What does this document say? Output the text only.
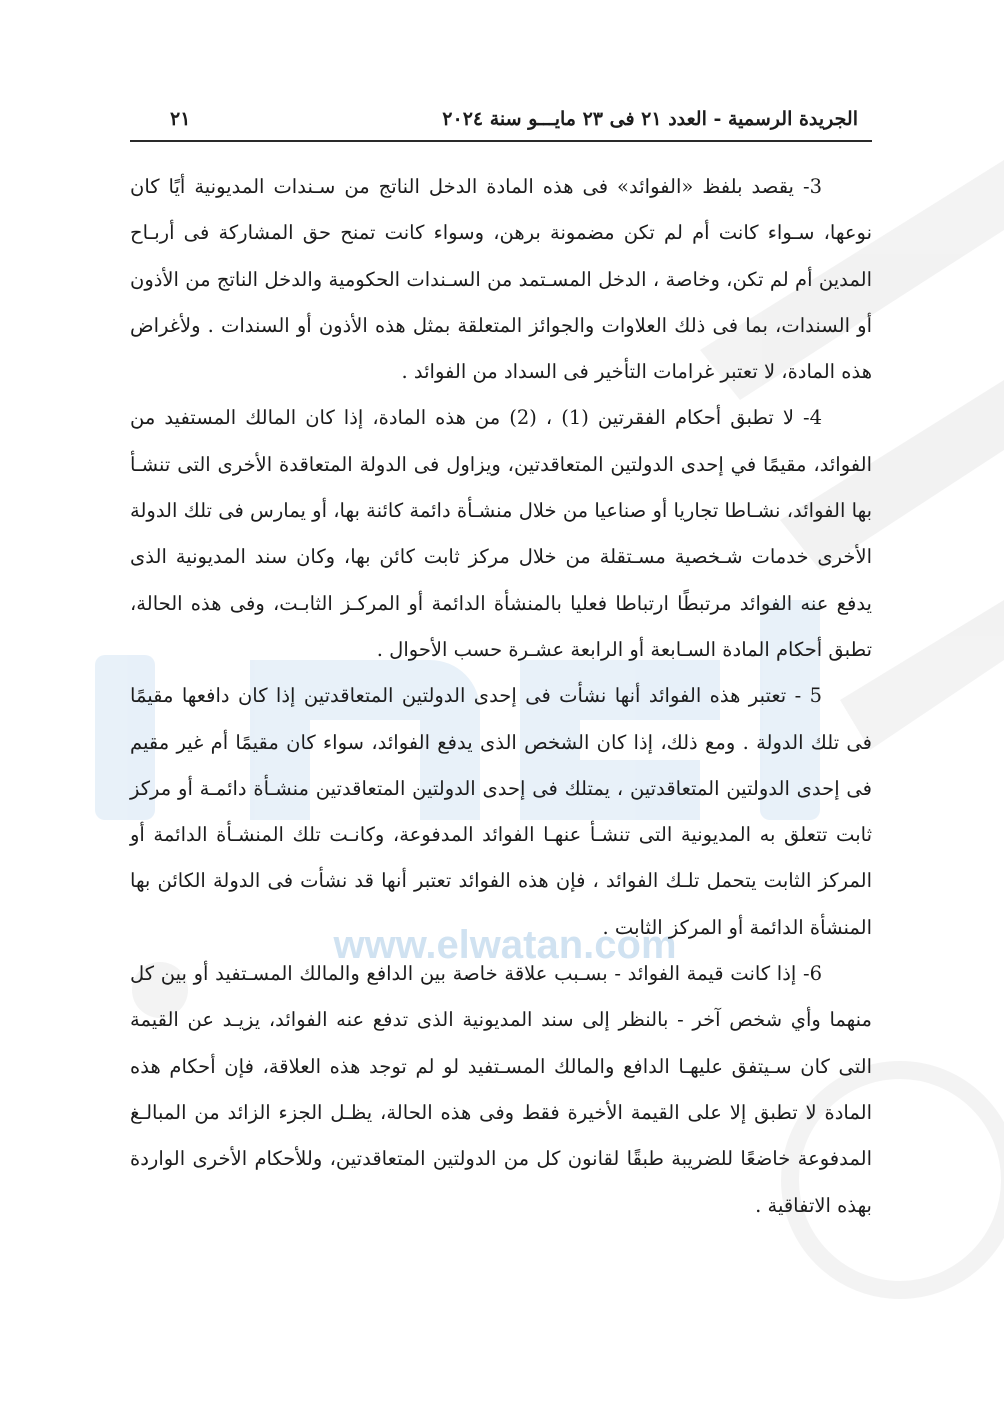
www.elwatan.com
الجريدة الرسمية - العدد ٢١ فى ٢٣ مايـــو سنة ٢٠٢٤
٢١

3- يقصد بلفظ «الفوائد» فى هذه المادة الدخل الناتج من سـندات المديونية أيًا كان نوعها، سـواء كانت أم لم تكن مضمونة برهن، وسواء كانت تمنح حق المشاركة فى أربـاح المدين أم لم تكن، وخاصة ، الدخل المسـتمد من السـندات الحكومية والدخل الناتج من الأذون أو السندات، بما فى ذلك العلاوات والجوائز المتعلقة بمثل هذه الأذون أو السندات . ولأغراض هذه المادة، لا تعتبر غرامات التأخير فى السداد من الفوائد .

4- لا تطبق أحكام الفقرتين (1) ، (2) من هذه المادة، إذا كان المالك المستفيد من الفوائد، مقيمًا في إحدى الدولتين المتعاقدتين، ويزاول فى الدولة المتعاقدة الأخرى التى تنشـأ بها الفوائد، نشـاطا تجاريا أو صناعيا من خلال منشـأة دائمة كائنة بها، أو يمارس فى تلك الدولة الأخرى خدمات شـخصية مسـتقلة من خلال مركز ثابت كائن بها، وكان سند المديونية الذى يدفع عنه الفوائد مرتبطًا ارتباطا فعليا بالمنشأة الدائمة أو المركـز الثابـت، وفى هذه الحالة، تطبق أحكام المادة السـابعة أو الرابعة عشـرة حسب الأحوال .

5 - تعتبر هذه الفوائد أنها نشأت فى إحدى الدولتين المتعاقدتين إذا كان دافعها مقيمًا فى تلك الدولة . ومع ذلك، إذا كان الشخص الذى يدفع الفوائد، سواء كان مقيمًا أم غير مقيم فى إحدى الدولتين المتعاقدتين ، يمتلك فى إحدى الدولتين المتعاقدتين منشـأة دائمـة أو مركز ثابت تتعلق به المديونية التى تنشـأ عنهـا الفوائد المدفوعة، وكانـت تلك المنشـأة الدائمة أو المركز الثابت يتحمل تلـك الفوائد ، فإن هذه الفوائد تعتبر أنها قد نشأت فى الدولة الكائن بها المنشأة الدائمة أو المركز الثابت .

6- إذا كانت قيمة الفوائد - بسـبب علاقة خاصة بين الدافع والمالك المسـتفيد أو بين كل منهما وأي شخص آخر - بالنظر إلى سند المديونية الذى تدفع عنه الفوائد، يزيـد عن القيمة التى كان سـيتفق عليهـا الدافع والمالك المسـتفيد لو لم توجد هذه العلاقة، فإن أحكام هذه المادة لا تطبق إلا على القيمة الأخيرة فقط وفى هذه الحالة، يظـل الجزء الزائد من المبالـغ المدفوعة خاضعًا للضريبة طبقًا لقانون كل من الدولتين المتعاقدتين، وللأحكام الأخرى الواردة بهذه الاتفاقية .
